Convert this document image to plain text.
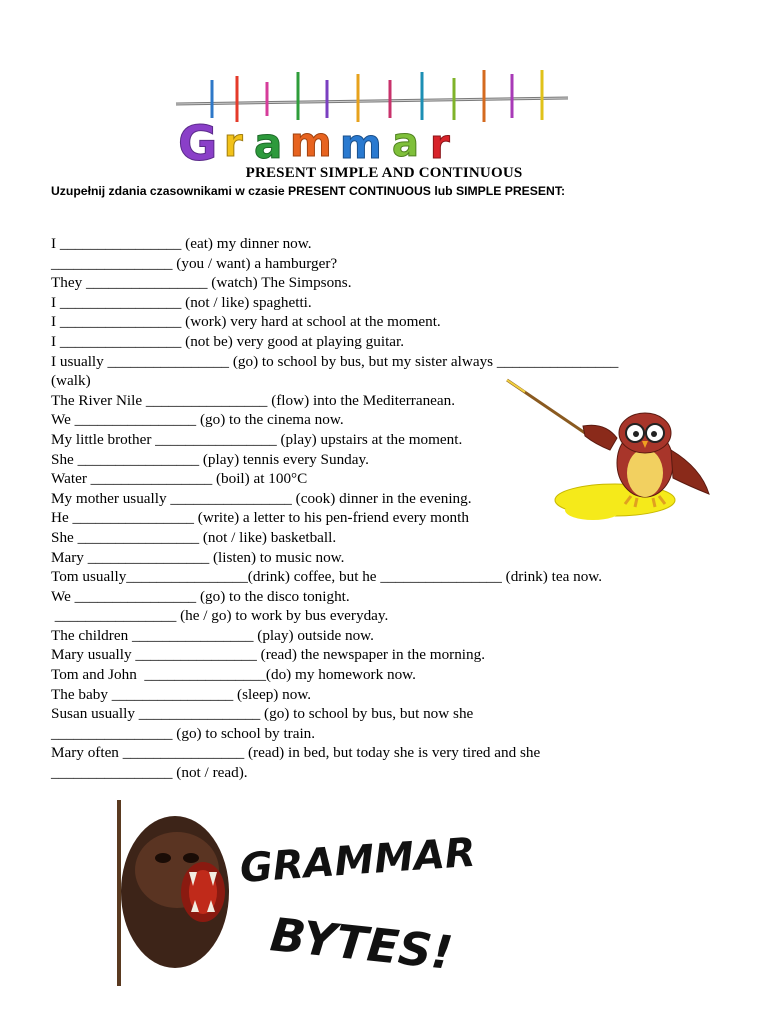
G r a m m a r
PRESENT SIMPLE AND CONTINUOUS
Uzupełnij zdania czasownikami w czasie PRESENT CONTINUOUS lub SIMPLE PRESENT:
I ________________ (eat) my dinner now.
________________ (you / want) a hamburger?
They ________________ (watch) The Simpsons.
I ________________ (not / like) spaghetti.
I ________________ (work) very hard at school at the moment.
I ________________ (not be) very good at playing guitar.
I usually ________________ (go) to school by bus, but my sister always ________________
(walk)
The River Nile ________________ (flow) into the Mediterranean.
We ________________ (go) to the cinema now.
My little brother ________________ (play) upstairs at the moment.
She ________________ (play) tennis every Sunday.
Water ________________ (boil) at 100°C
My mother usually ________________ (cook) dinner in the evening.
He ________________ (write) a letter to his pen-friend every month
She ________________ (not / like) basketball.
Mary ________________ (listen) to music now.
Tom usually________________(drink) coffee, but he ________________ (drink) tea now.
We ________________ (go) to the disco tonight.
________________ (he / go) to work by bus everyday.
The children ________________ (play) outside now.
Mary usually ________________ (read) the newspaper in the morning.
Tom and John  ________________(do) my homework now.
The baby ________________ (sleep) now.
Susan usually ________________ (go) to school by bus, but now she
________________ (go) to school by train.
Mary often ________________ (read) in bed, but today she is very tired and she
________________ (not / read).
GRAMMAR
BYTES!
